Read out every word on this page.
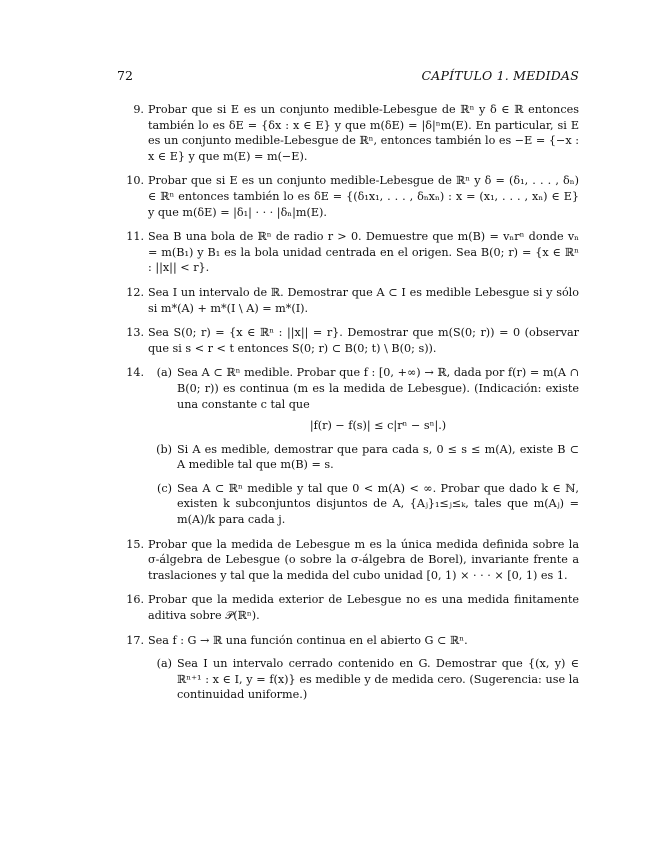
72	CAPÍTULO 1. MEDIDAS
9. Probar que si E es un conjunto medible-Lebesgue de ℝⁿ y δ ∈ ℝ entonces también lo es δE = {δx : x ∈ E} y que m(δE) = |δ|ⁿm(E). En particular, si E es un conjunto medible-Lebesgue de ℝⁿ, entonces también lo es −E = {−x : x ∈ E} y que m(E) = m(−E).

10. Probar que si E es un conjunto medible-Lebesgue de ℝⁿ y δ = (δ₁, . . . , δₙ) ∈ ℝⁿ entonces también lo es δE = {(δ₁x₁, . . . , δₙxₙ) : x = (x₁, . . . , xₙ) ∈ E} y que m(δE) = |δ₁| · · · |δₙ|m(E).

11. Sea B una bola de ℝⁿ de radio r > 0. Demuestre que m(B) = vₙrⁿ donde vₙ = m(B₁) y B₁ es la bola unidad centrada en el origen. Sea B(0; r) = {x ∈ ℝⁿ : ||x|| < r}.

12. Sea I un intervalo de ℝ. Demostrar que A ⊂ I es medible Lebesgue si y sólo si m*(A) + m*(I \ A) = m*(I).

13. Sea S(0; r) = {x ∈ ℝⁿ : ||x|| = r}. Demostrar que m(S(0; r)) = 0 (observar que si s < r < t entonces S(0; r) ⊂ B(0; t) \ B(0; s)).

14.	(a) Sea A ⊂ ℝⁿ medible. Probar que f : [0, +∞) → ℝ, dada por f(r) = m(A ∩ B(0; r)) es continua (m es la medida de Lebesgue). (Indicación: existe una constante c tal que

|f(r) − f(s)| ≤ c|rⁿ − sⁿ|.)
(b) Si A es medible, demostrar que para cada s, 0 ≤ s ≤ m(A), existe B ⊂ A medible tal que m(B) = s.

(c) Sea A ⊂ ℝⁿ medible y tal que 0 < m(A) < ∞. Probar que dado k ∈ ℕ, existen k subconjuntos disjuntos de A, {Aⱼ}₁≤ⱼ≤ₖ, tales que m(Aⱼ) = m(A)/k para cada j.

15. Probar que la medida de Lebesgue m es la única medida definida sobre la σ-álgebra de Lebesgue (o sobre la σ-álgebra de Borel), invariante frente a traslaciones y tal que la medida del cubo unidad [0, 1) × · · · × [0, 1) es 1.

16. Probar que la medida exterior de Lebesgue no es una medida finitamente aditiva sobre 𝒫(ℝⁿ).

17. Sea f : G → ℝ una función continua en el abierto G ⊂ ℝⁿ.

(a) Sea I un intervalo cerrado contenido en G. Demostrar que {(x, y) ∈ ℝⁿ⁺¹ : x ∈ I, y = f(x)} es medible y de medida cero. (Sugerencia: use la continuidad uniforme.)
